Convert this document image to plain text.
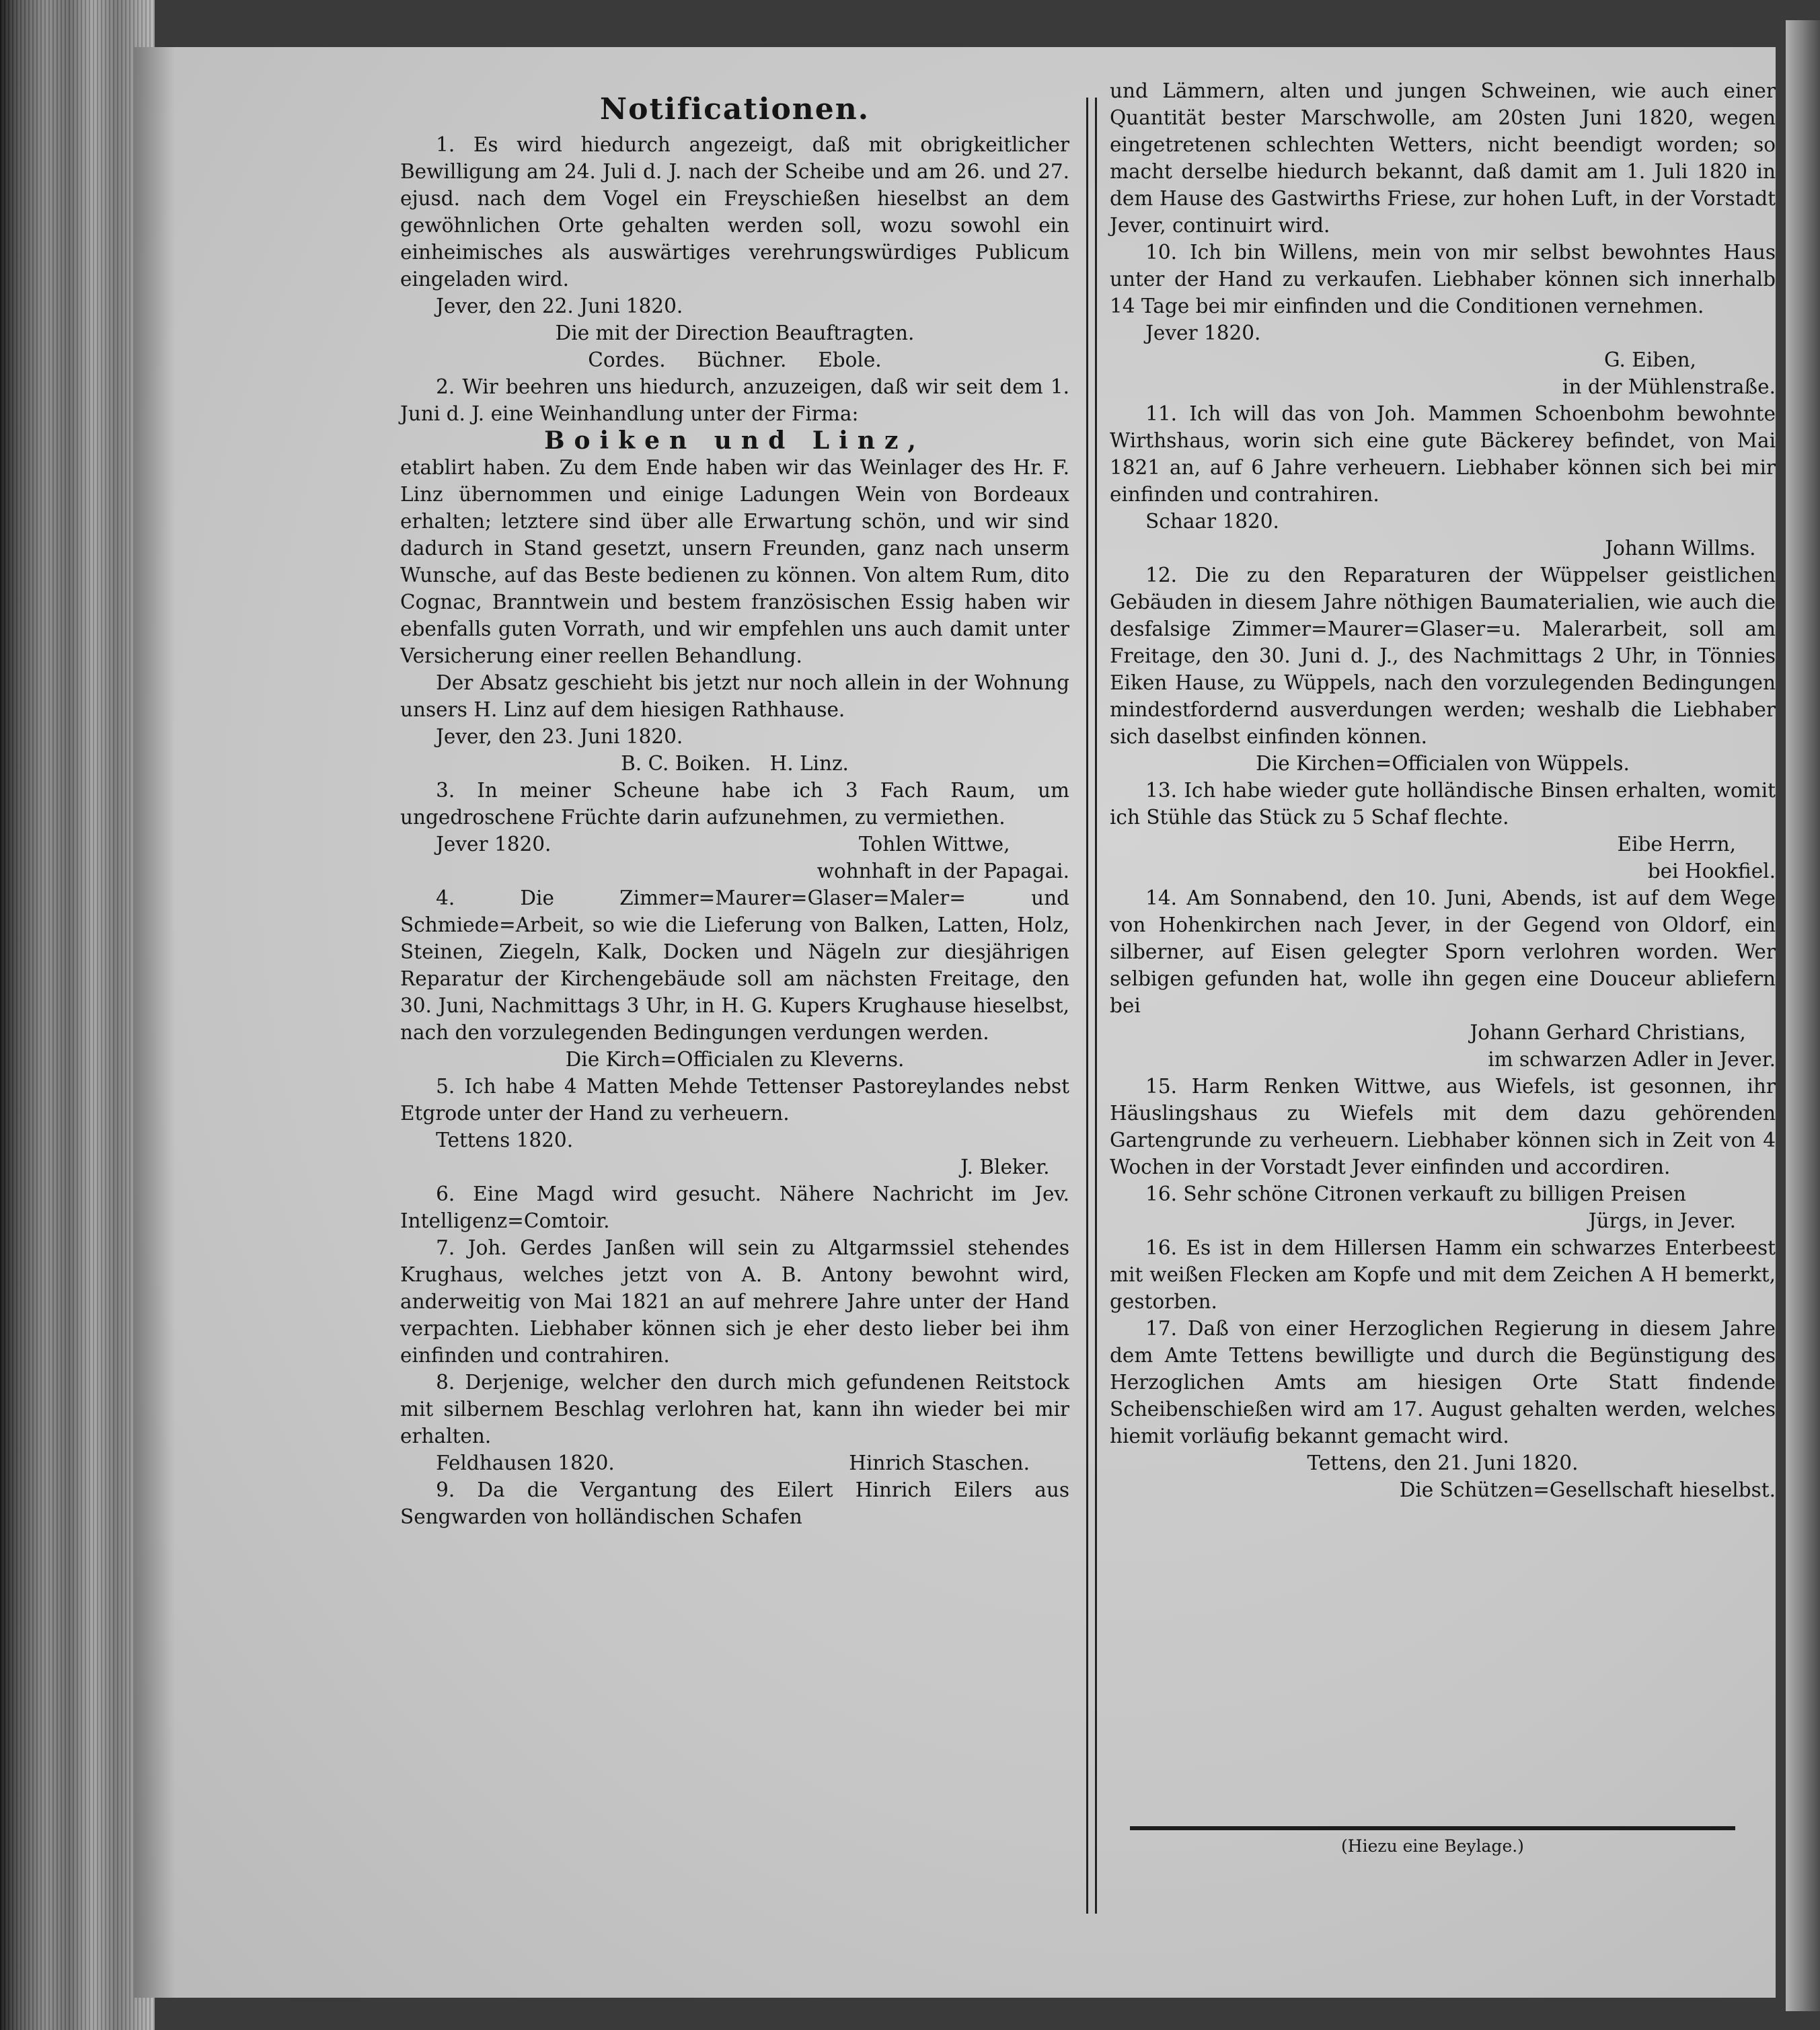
Notificationen.

1. Es wird hiedurch angezeigt, daß mit obrigkeitlicher Bewilligung am 24. Juli d. J. nach der Scheibe und am 26. und 27. ejusd. nach dem Vogel ein Freyschießen hieselbst an dem gewöhnlichen Orte gehalten werden soll, wozu sowohl ein einheimisches als auswärtiges verehrungswürdiges Publicum eingeladen wird.

Jever, den 22. Juni 1820.

Die mit der Direction Beauftragten.

Cordes.     Büchner.     Ebole.

2. Wir beehren uns hiedurch, anzuzeigen, daß wir seit dem 1. Juni d. J. eine Weinhandlung unter der Firma:

Boiken und Linz,

etablirt haben. Zu dem Ende haben wir das Weinlager des Hr. F. Linz übernommen und einige Ladungen Wein von Bordeaux erhalten; letztere sind über alle Erwartung schön, und wir sind dadurch in Stand gesetzt, unsern Freunden, ganz nach unserm Wunsche, auf das Beste bedienen zu können. Von altem Rum, dito Cognac, Branntwein und bestem französischen Essig haben wir ebenfalls guten Vorrath, und wir empfehlen uns auch damit unter Versicherung einer reellen Behandlung.

Der Absatz geschieht bis jetzt nur noch allein in der Wohnung unsers H. Linz auf dem hiesigen Rathhause.

Jever, den 23. Juni 1820.

B. C. Boiken.   H. Linz.

3. In meiner Scheune habe ich 3 Fach Raum, um ungedroschene Früchte darin aufzunehmen, zu vermiethen.

Jever 1820.	Tohlen Wittwe,

wohnhaft in der Papagai.

4. Die Zimmer=Maurer=Glaser=Maler= und Schmiede=Arbeit, so wie die Lieferung von Balken, Latten, Holz, Steinen, Ziegeln, Kalk, Docken und Nägeln zur diesjährigen Reparatur der Kirchengebäude soll am nächsten Freitage, den 30. Juni, Nachmittags 3 Uhr, in H. G. Kupers Krughause hieselbst, nach den vorzulegenden Bedingungen verdungen werden.

Die Kirch=Officialen zu Kleverns.

5. Ich habe 4 Matten Mehde Tettenser Pastoreylandes nebst Etgrode unter der Hand zu verheuern.

Tettens 1820.

J. Bleker.

6. Eine Magd wird gesucht. Nähere Nachricht im Jev. Intelligenz=Comtoir.

7. Joh. Gerdes Janßen will sein zu Altgarmssiel stehendes Krughaus, welches jetzt von A. B. Antony bewohnt wird, anderweitig von Mai 1821 an auf mehrere Jahre unter der Hand verpachten. Liebhaber können sich je eher desto lieber bei ihm einfinden und contrahiren.

8. Derjenige, welcher den durch mich gefundenen Reitstock mit silbernem Beschlag verlohren hat, kann ihn wieder bei mir erhalten.

Feldhausen 1820.	Hinrich Staschen.

9. Da die Vergantung des Eilert Hinrich Eilers aus Sengwarden von holländischen Schafen

und Lämmern, alten und jungen Schweinen, wie auch einer Quantität bester Marschwolle, am 20sten Juni 1820, wegen eingetretenen schlechten Wetters, nicht beendigt worden; so macht derselbe hiedurch bekannt, daß damit am 1. Juli 1820 in dem Hause des Gastwirths Friese, zur hohen Luft, in der Vorstadt Jever, continuirt wird.

10. Ich bin Willens, mein von mir selbst bewohntes Haus unter der Hand zu verkaufen. Liebhaber können sich innerhalb 14 Tage bei mir einfinden und die Conditionen vernehmen.

Jever 1820.

G. Eiben,

in der Mühlenstraße.

11. Ich will das von Joh. Mammen Schoenbohm bewohnte Wirthshaus, worin sich eine gute Bäckerey befindet, von Mai 1821 an, auf 6 Jahre verheuern. Liebhaber können sich bei mir einfinden und contrahiren.

Schaar 1820.

Johann Willms.

12. Die zu den Reparaturen der Wüppelser geistlichen Gebäuden in diesem Jahre nöthigen Baumaterialien, wie auch die desfalsige Zimmer=Maurer=Glaser=u. Malerarbeit, soll am Freitage, den 30. Juni d. J., des Nachmittags 2 Uhr, in Tönnies Eiken Hause, zu Wüppels, nach den vorzulegenden Bedingungen mindestfordernd ausverdungen werden; weshalb die Liebhaber sich daselbst einfinden können.

Die Kirchen=Officialen von Wüppels.

13. Ich habe wieder gute holländische Binsen erhalten, womit ich Stühle das Stück zu 5 Schaf flechte.

Eibe Herrn,

bei Hookfiel.

14. Am Sonnabend, den 10. Juni, Abends, ist auf dem Wege von Hohenkirchen nach Jever, in der Gegend von Oldorf, ein silberner, auf Eisen gelegter Sporn verlohren worden. Wer selbigen gefunden hat, wolle ihn gegen eine Douceur abliefern bei

Johann Gerhard Christians,

im schwarzen Adler in Jever.

15. Harm Renken Wittwe, aus Wiefels, ist gesonnen, ihr Häuslingshaus zu Wiefels mit dem dazu gehörenden Gartengrunde zu verheuern. Liebhaber können sich in Zeit von 4 Wochen in der Vorstadt Jever einfinden und accordiren.

16. Sehr schöne Citronen verkauft zu billigen Preisen

Jürgs, in Jever.

16. Es ist in dem Hillersen Hamm ein schwarzes Enterbeest mit weißen Flecken am Kopfe und mit dem Zeichen A H bemerkt, gestorben.

17. Daß von einer Herzoglichen Regierung in diesem Jahre dem Amte Tettens bewilligte und durch die Begünstigung des Herzoglichen Amts am hiesigen Orte Statt findende Scheibenschießen wird am 17. August gehalten werden, welches hiemit vorläufig bekannt gemacht wird.

Tettens, den 21. Juni 1820.

Die Schützen=Gesellschaft hieselbst.

(Hiezu eine Beylage.)
